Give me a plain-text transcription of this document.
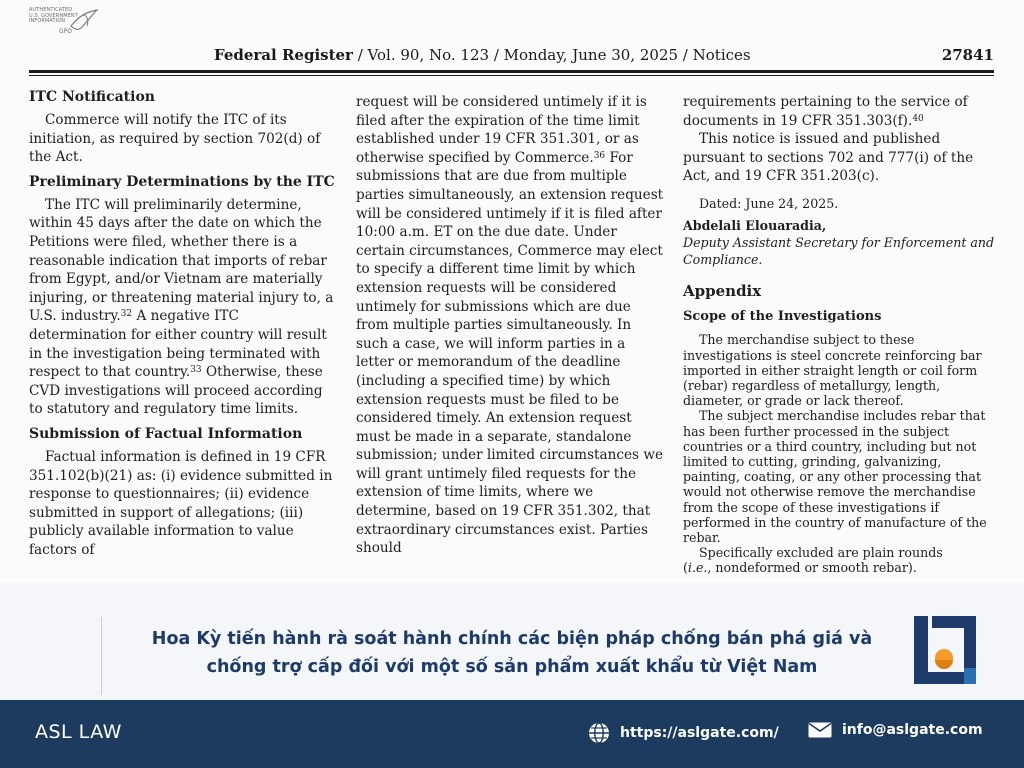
AUTHENTICATED
U.S. GOVERNMENT
INFORMATION
GPO
Federal Register / Vol. 90, No. 123 / Monday, June 30, 2025 / Notices	27841
ITC Notification

Commerce will notify the ITC of its initiation, as required by section 702(d) of the Act.

Preliminary Determinations by the ITC

The ITC will preliminarily determine, within 45 days after the date on which the Petitions were filed, whether there is a reasonable indication that imports of rebar from Egypt, and/or Vietnam are materially injuring, or threatening material injury to, a U.S. industry.$^{32}$ A negative ITC determination for either country will result in the investigation being terminated with respect to that country.$^{33}$ Otherwise, these CVD investigations will proceed according to statutory and regulatory time limits.

Submission of Factual Information

Factual information is defined in 19 CFR 351.102(b)(21) as: (i) evidence submitted in response to questionnaires; (ii) evidence submitted in support of allegations; (iii) publicly available information to value factors of

request will be considered untimely if it is filed after the expiration of the time limit established under 19 CFR 351.301, or as otherwise specified by Commerce.$^{36}$ For submissions that are due from multiple parties simultaneously, an extension request will be considered untimely if it is filed after 10:00 a.m. ET on the due date. Under certain circumstances, Commerce may elect to specify a different time limit by which extension requests will be considered untimely for submissions which are due from multiple parties simultaneously. In such a case, we will inform parties in a letter or memorandum of the deadline (including a specified time) by which extension requests must be filed to be considered timely. An extension request must be made in a separate, standalone submission; under limited circumstances we will grant untimely filed requests for the extension of time limits, where we determine, based on 19 CFR 351.302, that extraordinary circumstances exist. Parties should

requirements pertaining to the service of documents in 19 CFR 351.303(f).$^{40}$

This notice is issued and published pursuant to sections 702 and 777(i) of the Act, and 19 CFR 351.203(c).

Dated: June 24, 2025.

Abdelali Elouaradia,

Deputy Assistant Secretary for Enforcement and Compliance.

Appendix
Scope of the Investigations

The merchandise subject to these investigations is steel concrete reinforcing bar imported in either straight length or coil form (rebar) regardless of metallurgy, length, diameter, or grade or lack thereof.

The subject merchandise includes rebar that has been further processed in the subject countries or a third country, including but not limited to cutting, grinding, galvanizing, painting, coating, or any other processing that would not otherwise remove the merchandise from the scope of these investigations if performed in the country of manufacture of the rebar.

Specifically excluded are plain rounds

(i.e., nondeformed or smooth rebar).

Hoa Kỳ tiến hành rà soát hành chính các biện pháp chống bán phá giá và
chống trợ cấp đối với một số sản phẩm xuất khẩu từ Việt Nam
ASL LAW	https://aslgate.com/	info@aslgate.com
